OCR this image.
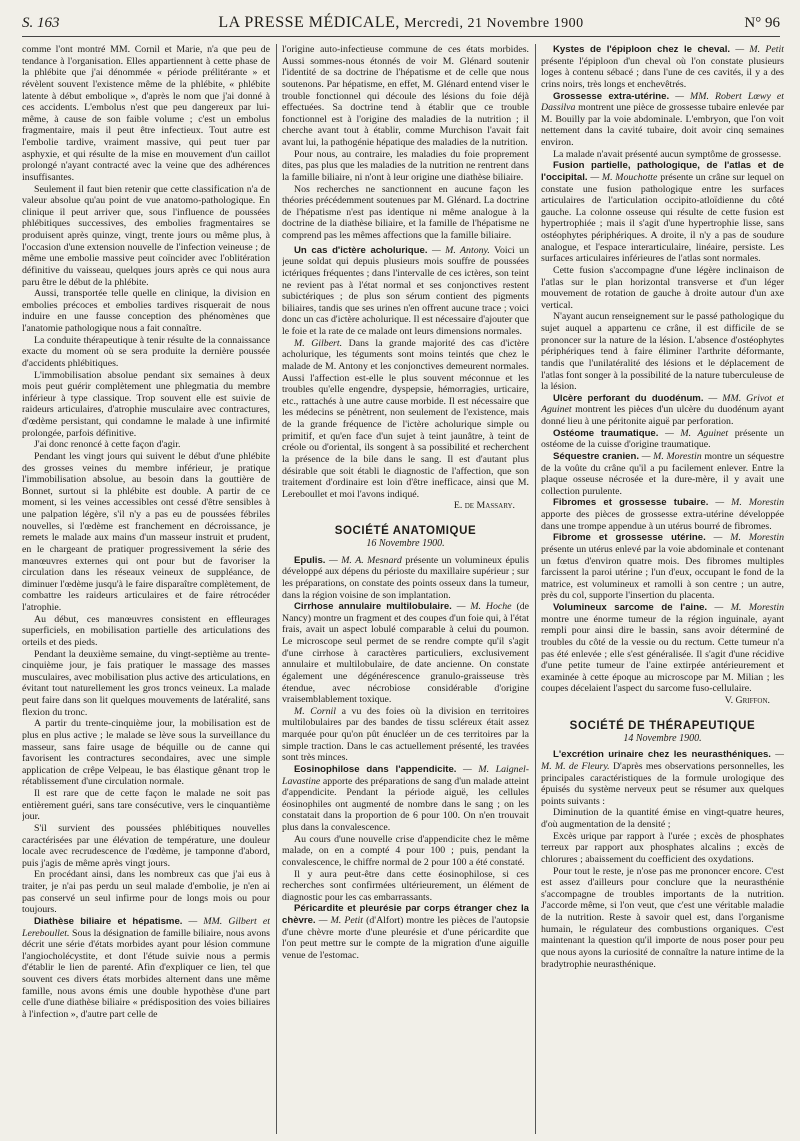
S. 163	LA PRESSE MÉDICALE, Mercredi, 21 Novembre 1900	N° 96

comme l'ont montré MM. Cornil et Marie, n'a que peu de tendance à l'organisation. Elles appartiennent à cette phase de la phlébite que j'ai dénommée « période prélitérante » et révèlent souvent l'existence même de la phlébite, « phlébite latente à début embolique », d'après le nom que j'ai donné à ces accidents. L'embolus n'est que peu dangereux par lui-même, à cause de son faible volume ; c'est un embolus fragmentaire, mais il peut être infectieux. Tout autre est l'embolie tardive, vraiment massive, qui peut tuer par asphyxie, et qui résulte de la mise en mouvement d'un caillot prolongé n'ayant contracté avec la veine que des adhérences insuffisantes.

Seulement il faut bien retenir que cette classification n'a de valeur absolue qu'au point de vue anatomo-pathologique. En clinique il peut arriver que, sous l'influence de poussées phlébitiques successives, des embolies fragmentaires se produisent après quinze, vingt, trente jours ou même plus, à l'occasion d'une extension nouvelle de l'infection veineuse ; de même une embolie massive peut coïncider avec l'oblitération définitive du vaisseau, quelques jours après ce qui nous aura paru être le début de la phlébite.

Aussi, transportée telle quelle en clinique, la division en embolies précoces et embolies tardives risquerait de nous induire en une fausse conception des phénomènes que l'anatomie pathologique nous a fait connaître.

La conduite thérapeutique à tenir résulte de la connaissance exacte du moment où se sera produite la dernière poussée d'accidents phlébitiques.

L'immobilisation absolue pendant six semaines à deux mois peut guérir complètement une phlegmatia du membre inférieur à type classique. Trop souvent elle est suivie de raideurs articulaires, d'atrophie musculaire avec contractures, d'œdème persistant, qui condamne le malade à une infirmité prolongée, parfois définitive.

J'ai donc renoncé à cette façon d'agir.

Pendant les vingt jours qui suivent le début d'une phlébite des grosses veines du membre inférieur, je pratique l'immobilisation absolue, au besoin dans la gouttière de Bonnet, surtout si la phlébite est double. A partir de ce moment, si les veines accessibles ont cessé d'être sensibles à une palpation légère, s'il n'y a pas eu de poussées fébriles nouvelles, si l'œdème est franchement en décroissance, je remets le malade aux mains d'un masseur instruit et prudent, en le chargeant de pratiquer progressivement la série des manœuvres externes qui ont pour but de favoriser la circulation dans les réseaux veineux de suppléance, de diminuer l'œdème jusqu'à le faire disparaître complètement, de combattre les raideurs articulaires et de faire rétrocéder l'atrophie.

Au début, ces manœuvres consistent en effleurages superficiels, en mobilisation partielle des articulations des orteils et des pieds.

Pendant la deuxième semaine, du vingt-septième au trente-cinquième jour, je fais pratiquer le massage des masses musculaires, avec mobilisation plus active des articulations, en évitant tout naturellement les gros troncs veineux. La malade peut faire dans son lit quelques mouvements de latéralité, sans flexion du tronc.

A partir du trente-cinquième jour, la mobilisation est de plus en plus active ; le malade se lève sous la surveillance du masseur, sans faire usage de béquille ou de canne qui favorisent les contractures secondaires, avec une simple application de crêpe Velpeau, le bas élastique gênant trop le rétablissement d'une circulation normale.

Il est rare que de cette façon le malade ne soit pas entièrement guéri, sans tare consécutive, vers le cinquantième jour.

S'il survient des poussées phlébitiques nouvelles caractérisées par une élévation de température, une douleur locale avec recrudescence de l'œdème, je tamponne d'abord, puis j'agis de même après vingt jours.

En procédant ainsi, dans les nombreux cas que j'ai eus à traiter, je n'ai pas perdu un seul malade d'embolie, je n'en ai pas conservé un seul infirme pour de longs mois ou pour toujours.

Diathèse biliaire et hépatisme. — MM. Gilbert et Lereboullet. Sous la désignation de famille biliaire, nous avons décrit une série d'états morbides ayant pour lésion commune l'angiocholécystite, et dont l'étude suivie nous a permis d'établir le lien de parenté. Afin d'expliquer ce lien, tel que souvent ces divers états morbides alternent dans une même famille, nous avons émis une double hypothèse d'une part celle d'une diathèse biliaire « prédisposition des voies biliaires à l'infection », d'autre part celle de

l'origine auto-infectieuse commune de ces états morbides. Aussi sommes-nous étonnés de voir M. Glénard soutenir l'identité de sa doctrine de l'hépatisme et de celle que nous soutenons. Par hépatisme, en effet, M. Glénard entend viser le trouble fonctionnel qui découle des lésions du foie déjà effectuées. Sa doctrine tend à établir que ce trouble fonctionnel est à l'origine des maladies de la nutrition ; il cherche avant tout à établir, comme Murchison l'avait fait avant lui, la pathogénie hépatique des maladies de la nutrition.

Pour nous, au contraire, les maladies du foie proprement dites, pas plus que les maladies de la nutrition ne rentrent dans la famille biliaire, ni n'ont à leur origine une diathèse biliaire.

Nos recherches ne sanctionnent en aucune façon les théories précédemment soutenues par M. Glénard. La doctrine de l'hépatisme n'est pas identique ni même analogue à la doctrine de la diathèse biliaire, et la famille de l'hépatisme ne comprend pas les mêmes affections que la famille biliaire.

Un cas d'ictère acholurique. — M. Antony. Voici un jeune soldat qui depuis plusieurs mois souffre de poussées ictériques fréquentes ; dans l'intervalle de ces ictères, son teint ne revient pas à l'état normal et ses conjonctives restent subictériques ; de plus son sérum contient des pigments biliaires, tandis que ses urines n'en offrent aucune trace ; voici donc un cas d'ictère acholurique. Il est nécessaire d'ajouter que le foie et la rate de ce malade ont leurs dimensions normales.

M. Gilbert. Dans la grande majorité des cas d'ictère acholurique, les téguments sont moins teintés que chez le malade de M. Antony et les conjonctives demeurent normales. Aussi l'affection est-elle le plus souvent méconnue et les troubles qu'elle engendre, dyspepsie, hémorragies, urticaire, etc., rattachés à une autre cause morbide. Il est nécessaire que les médecins se pénètrent, non seulement de l'existence, mais de la grande fréquence de l'ictère acholurique simple ou primitif, et qu'en face d'un sujet à teint jaunâtre, à teint de créole ou d'oriental, ils songent à sa possibilité et recherchent la présence de la bile dans le sang. Il est d'autant plus désirable que soit établi le diagnostic de l'affection, que son traitement d'ordinaire est loin d'être inefficace, ainsi que M. Lereboullet et moi l'avons indiqué.

E. de Massary.
SOCIÉTÉ ANATOMIQUE
16 Novembre 1900.

Epulis. — M. A. Mesnard présente un volumineux épulis développé aux dépens du périoste du maxillaire supérieur ; sur les préparations, on constate des points osseux dans la tumeur, dans la région voisine de son implantation.

Cirrhose annulaire multilobulaire. — M. Hoche (de Nancy) montre un fragment et des coupes d'un foie qui, à l'état frais, avait un aspect lobulé comparable à celui du poumon. Le microscope seul permet de se rendre compte qu'il s'agit d'une cirrhose à caractères particuliers, exclusivement annulaire et multilobulaire, de date ancienne. On constate également une dégénérescence granulo-graisseuse très étendue, avec nécrobiose considérable d'origine vraisemblablement toxique.

M. Cornil a vu des foies où la division en territoires multilobulaires par des bandes de tissu scléreux était assez marquée pour qu'on pût énucléer un de ces territoires par la simple traction. Dans le cas actuellement présenté, les travées sont très minces.

Eosinophilose dans l'appendicite. — M. Laignel-Lavastine apporte des préparations de sang d'un malade atteint d'appendicite. Pendant la période aiguë, les cellules éosinophiles ont augmenté de nombre dans le sang ; on les constatait dans la proportion de 6 pour 100. On n'en trouvait plus dans la convalescence.

Au cours d'une nouvelle crise d'appendicite chez le même malade, on en a compté 4 pour 100 ; puis, pendant la convalescence, le chiffre normal de 2 pour 100 a été constaté.

Il y aura peut-être dans cette éosinophilose, si ces recherches sont confirmées ultérieurement, un élément de diagnostic pour les cas embarrassants.

Péricardite et pleurésie par corps étranger chez la chèvre. — M. Petit (d'Alfort) montre les pièces de l'autopsie d'une chèvre morte d'une pleurésie et d'une péricardite que l'on peut mettre sur le compte de la migration d'une aiguille venue de l'estomac.

Kystes de l'épiploon chez le cheval. — M. Petit présente l'épiploon d'un cheval où l'on constate plusieurs loges à contenu sébacé ; dans l'une de ces cavités, il y a des crins noirs, très longs et enchevêtrés.

Grossesse extra-utérine. — MM. Robert Lœwy et Dassilva montrent une pièce de grossesse tubaire enlevée par M. Bouilly par la voie abdominale. L'embryon, que l'on voit nettement dans la cavité tubaire, doit avoir cinq semaines environ.

La malade n'avait présenté aucun symptôme de grossesse.

Fusion partielle, pathologique, de l'atlas et de l'occipital. — M. Mouchotte présente un crâne sur lequel on constate une fusion pathologique entre les surfaces articulaires de l'articulation occipito-atloïdienne du côté gauche. La colonne osseuse qui résulte de cette fusion est hypertrophiée ; mais il s'agit d'une hypertrophie lisse, sans ostéophytes périphériques. A droite, il n'y a pas de soudure analogue, et l'espace interarticulaire, linéaire, persiste. Les surfaces articulaires inférieures de l'atlas sont normales.

Cette fusion s'accompagne d'une légère inclinaison de l'atlas sur le plan horizontal transverse et d'un léger mouvement de rotation de gauche à droite autour d'un axe vertical.

N'ayant aucun renseignement sur le passé pathologique du sujet auquel a appartenu ce crâne, il est difficile de se prononcer sur la nature de la lésion. L'absence d'ostéophytes périphériques tend à faire éliminer l'arthrite déformante, tandis que l'unilatéralité des lésions et le déplacement de l'atlas font songer à la possibilité de la nature tuberculeuse de la lésion.

Ulcère perforant du duodénum. — MM. Grivot et Aguinet montrent les pièces d'un ulcère du duodénum ayant donné lieu à une péritonite aiguë par perforation.

Ostéome traumatique. — M. Aguinet présente un ostéome de la cuisse d'origine traumatique.

Séquestre cranien. — M. Morestin montre un séquestre de la voûte du crâne qu'il a pu facilement enlever. Entre la plaque osseuse nécrosée et la dure-mère, il y avait une collection purulente.

Fibromes et grossesse tubaire. — M. Morestin apporte des pièces de grossesse extra-utérine développée dans une trompe appendue à un utérus bourré de fibromes.

Fibrome et grossesse utérine. — M. Morestin présente un utérus enlevé par la voie abdominale et contenant un fœtus d'environ quatre mois. Des fibromes multiples farcissent la paroi utérine ; l'un d'eux, occupant le fond de la matrice, est volumineux et ramolli à son centre ; un autre, près du col, supporte l'insertion du placenta.

Volumineux sarcome de l'aine. — M. Morestin montre une énorme tumeur de la région inguinale, ayant rempli pour ainsi dire le bassin, sans avoir déterminé de troubles du côté de la vessie ou du rectum. Cette tumeur n'a pas été enlevée ; elle s'est généralisée. Il s'agit d'une récidive d'une petite tumeur de l'aine extirpée antérieurement et examinée à cette époque au microscope par M. Milian ; les coupes décelaient l'aspect du sarcome fuso-cellulaire.

V. Griffon.
SOCIÉTÉ DE THÉRAPEUTIQUE
14 Novembre 1900.

L'excrétion urinaire chez les neurasthéniques. — M. M. de Fleury. D'après mes observations personnelles, les principales caractéristiques de la formule urologique des épuisés du système nerveux peut se résumer aux quelques points suivants :

Diminution de la quantité émise en vingt-quatre heures, d'où augmentation de la densité ;

Excès urique par rapport à l'urée ; excès de phosphates terreux par rapport aux phosphates alcalins ; excès de chlorures ; abaissement du coefficient des oxydations.

Pour tout le reste, je n'ose pas me prononcer encore. C'est est assez d'ailleurs pour conclure que la neurasthénie s'accompagne de troubles importants de la nutrition. J'accorde même, si l'on veut, que c'est une véritable maladie de la nutrition. Reste à savoir quel est, dans l'organisme humain, le régulateur des combustions organiques. C'est maintenant la question qu'il importe de nous poser pour peu que nous ayons la curiosité de connaître la nature intime de la bradytrophie neurasthénique.
